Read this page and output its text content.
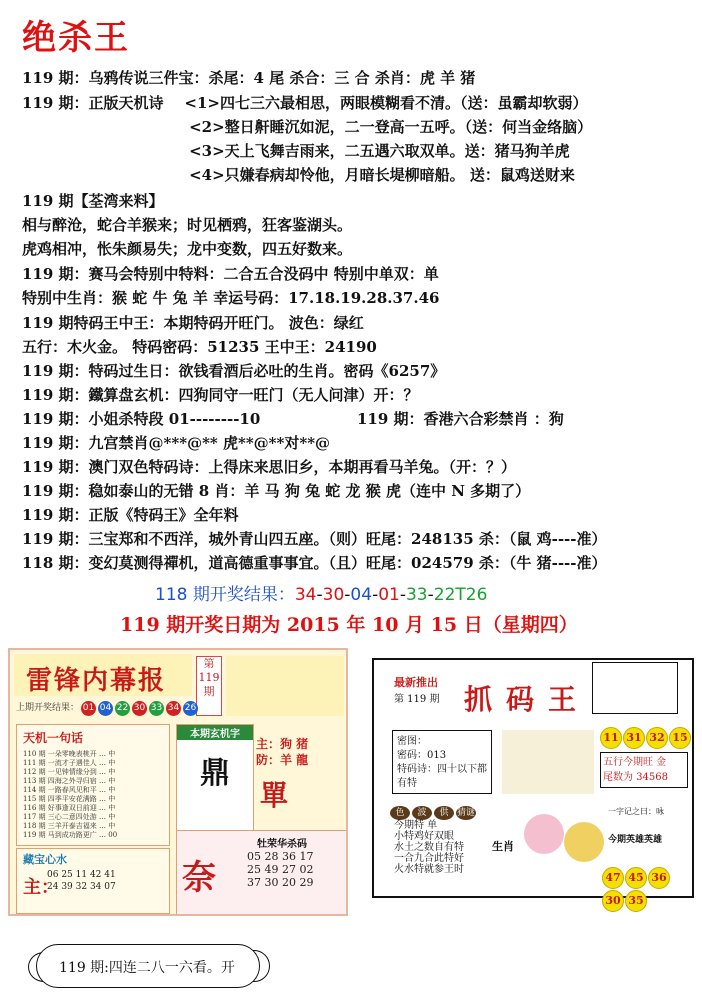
绝杀王
119 期：乌鸦传说三件宝：杀尾：4 尾 杀合：三 合 杀肖：虎 羊 猪
119 期：正版天机诗    <1>四七三六最相思，两眼模糊看不清。（送：虽霸却软弱）
<2>整日鼾睡沉如泥，二一登高一五呼。（送：何当金络脑）
<3>天上飞舞吉雨来，二五遇六取双单。送：猪马狗羊虎
<4>只嫌春病却怜他，月暗长堤柳暗船。 送：鼠鸡送财来
119 期【荃湾来料】
相与醉沧，蛇合羊猴来；时见栖鸦，狂客鉴湖头。
虎鸡相冲，怅朱颜易失；龙中变数，四五好数来。
119 期：赛马会特别中特料：二合五合没码中 特别中单双：单
特别中生肖：猴 蛇 牛 兔 羊 幸运号码：17.18.19.28.37.46
119 期特码王中王：本期特码开旺门。 波色：绿红
五行：木火金。 特码密码：51235 王中王：24190
119 期：特码过生日：欲钱看酒后必吐的生肖。密码《6257》
119 期：鐵算盘玄机：四狗同守一旺门（无人问津）开：？
119 期：小姐杀特段 01--------10	119 期：香港六合彩禁肖 ：狗
119 期：九宫禁肖@***@** 虎**@**对**@
119 期：澳门双色特码诗：上得床来思旧乡，本期再看马羊兔。（开：？）
119 期：稳如泰山的无错 8 肖：羊 马 狗 兔 蛇 龙 猴 虎（连中 N 多期了）
119 期：正版《特码王》全年料
119 期：三宝郑和不西洋，城外青山四五座。（则）旺尾：248135 杀：（鼠 鸡----准）
118 期：变幻莫测得禪机，道高德重事事宜。（且）旺尾：024579 杀：（牛 猪----准）
118 期开奖结果：34-30-04-01-33-22T26
119 期开奖日期为 2015 年 10 月 15 日（星期四）
雷锋内幕报
第119期
上期开奖结果： 01 04 22 30 33 34 26
天机一句话
110 期 一朵零晚表桃开 … 中
111 期 一流才子遇佳人 … 中
112 期 一见钟情缘分到 … 中
113 期 四海之外寻归宿 … 中
114 期 一路春风见和平 … 中
115 期 四季平安花满路 … 中
116 期 好事逢双日前迎 … 中
117 期 三心二意四处游 … 中
118 期 三羊开泰吉福来 … 中
119 期 马到成功路更广 … 00
藏宝心水
主：
06 25 11 42 41
24 39 32 34 07
本期玄机字
鼎
主：狗 猪
防：羊 龍
單
牡荣华杀码
05 28 36 17
25 49 27 02
37 30 20 29
奈
最新推出
第 119 期 抓码王
密图：
密码：013
特码诗：四十以下都有特
11 31 32 15
五行今期旺 金
尾数为 34568
色 波 供 猜谜
今期特 单
小特鸡好双眼
水土之数自有特
一合九合此特好
火水特就参王时
生肖
一字记之曰：咏
今期英雄英雄
47 45 3630 35
119 期:四连二八一六看。开
